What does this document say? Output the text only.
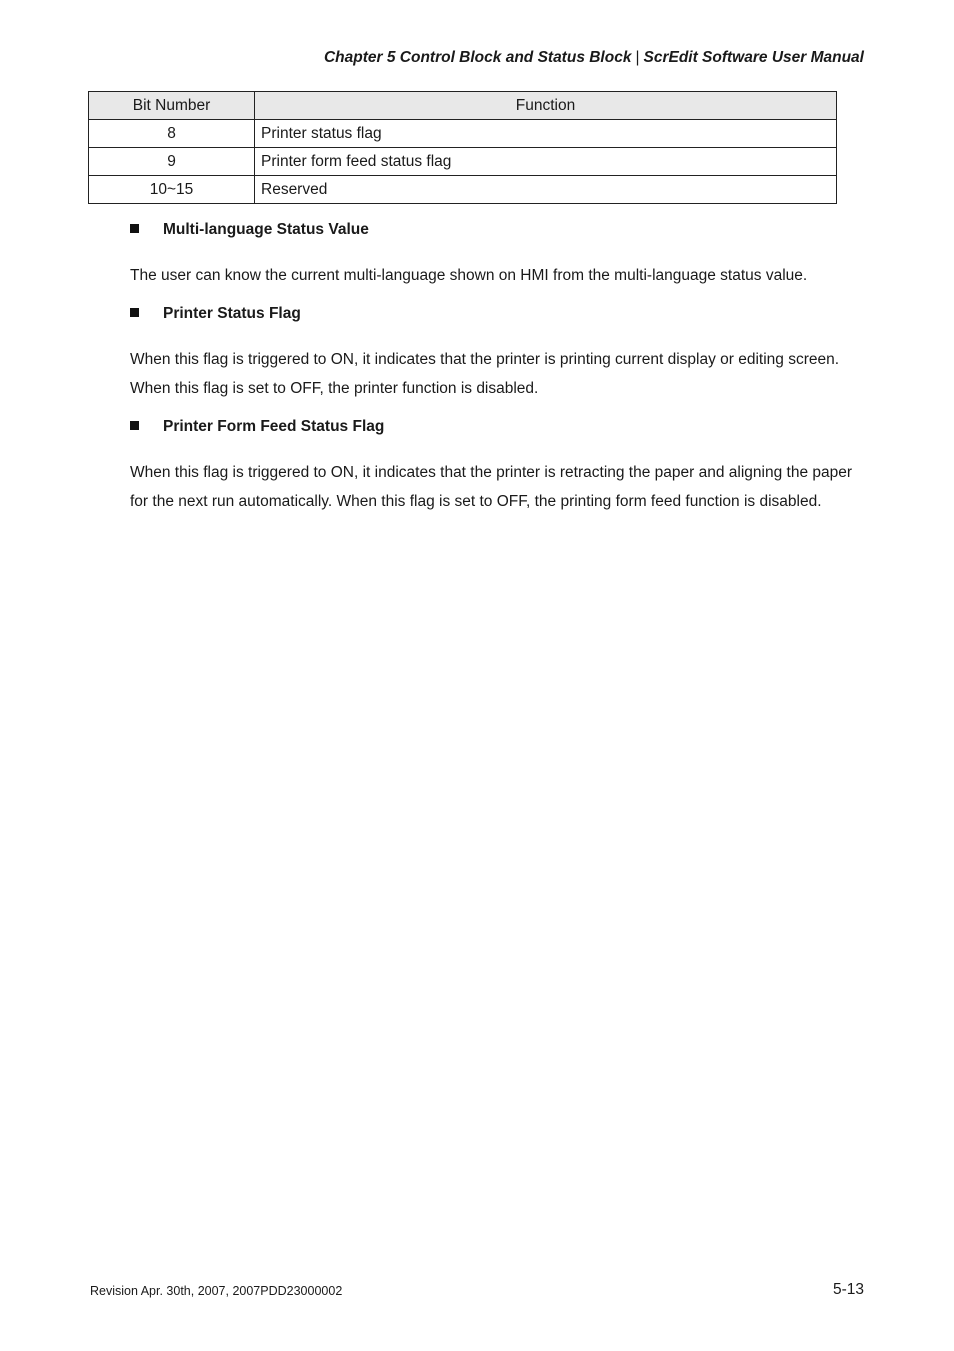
Chapter 5 Control Block and Status Block | ScrEdit Software User Manual
Bit Number	Function
8	Printer status flag
9	Printer form feed status flag
10~15	Reserved
Multi-language Status Value

The user can know the current multi-language shown on HMI from the multi-language status value.

Printer Status Flag

When this flag is triggered to ON, it indicates that the printer is printing current display or editing screen. When this flag is set to OFF, the printer function is disabled.

Printer Form Feed Status Flag

When this flag is triggered to ON, it indicates that the printer is retracting the paper and aligning the paper for the next run automatically. When this flag is set to OFF, the printing form feed function is disabled.

Revision Apr. 30th, 2007, 2007PDD23000002	5-13
